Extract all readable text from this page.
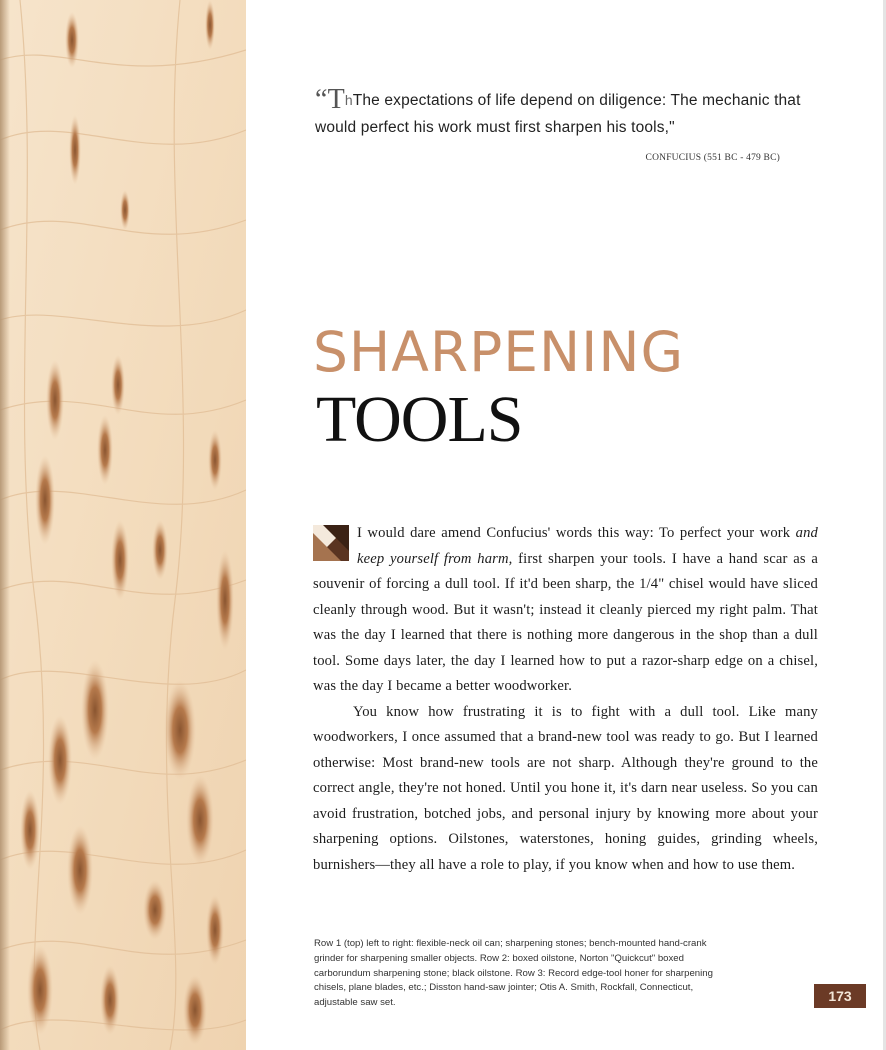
“ThThe expectations of life depend on diligence: The mechanic that would perfect his work must first sharpen his tools,"
CONFUCIUS (551 BC - 479 BC)
SHARPENING
TOOLS

I would dare amend Confucius' words this way: To perfect your work and keep yourself from harm, first sharpen your tools. I have a hand scar as a souvenir of forcing a dull tool. If it'd been sharp, the 1/4" chisel would have sliced cleanly through wood. But it wasn't; instead it cleanly pierced my right palm. That was the day I learned that there is nothing more dangerous in the shop than a dull tool. Some days later, the day I learned how to put a razor-sharp edge on a chisel, was the day I became a better woodworker.

You know how frustrating it is to fight with a dull tool. Like many woodworkers, I once assumed that a brand-new tool was ready to go. But I learned otherwise: Most brand-new tools are not sharp. Although they're ground to the correct angle, they're not honed. Until you hone it, it's darn near useless. So you can avoid frustration, botched jobs, and personal injury by knowing more about your sharpening options. Oilstones, waterstones, honing guides, grinding wheels, burnishers—they all have a role to play, if you know when and how to use them.

Row 1 (top) left to right: flexible-neck oil can; sharpening stones; bench-mounted hand-crank grinder for sharpening smaller objects. Row 2: boxed oilstone, Norton "Quickcut" boxed carborundum sharpening stone; black oilstone. Row 3: Record edge-tool honer for sharpening chisels, plane blades, etc.; Disston hand-saw jointer; Otis A. Smith, Rockfall, Connecticut, adjustable saw set.	173
